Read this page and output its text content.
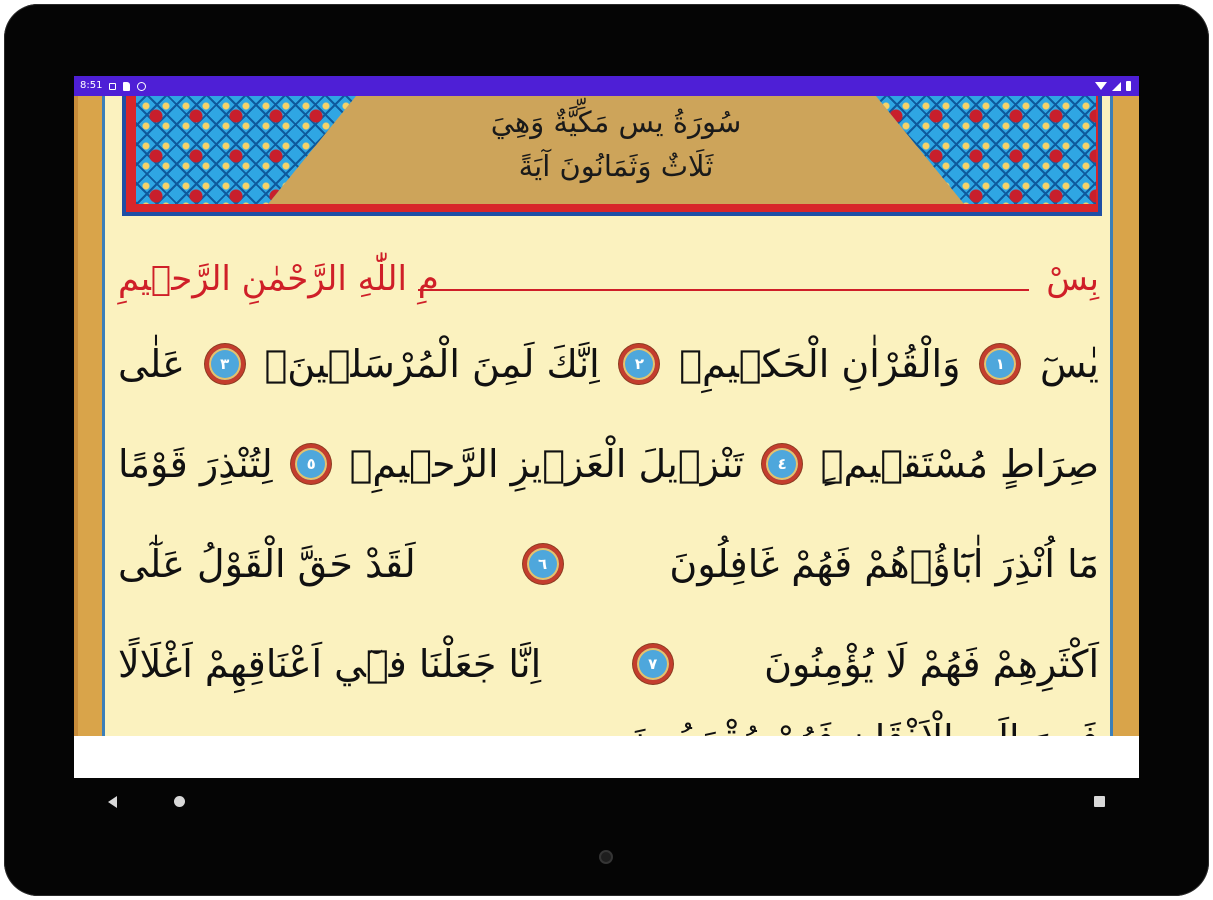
8:51
سُورَةُ يس مَكِّيَّةٌ وَهِيَ
ثَلَاثٌ وَثَمَانُونَ آيَةً
بِسْ
مِ اللّٰهِ الرَّحْمٰنِ الرَّح۪يمِ
يٰسٓ
١
وَالْقُرْاٰنِ الْحَك۪يمِۙ
٢
اِنَّكَ لَمِنَ الْمُرْسَل۪ينَۙ
٣
عَلٰى
صِرَاطٍ مُسْتَق۪يمٍۜ
٤
تَنْز۪يلَ الْعَز۪يزِ الرَّح۪يمِۙ
٥
لِتُنْذِرَ قَوْمًا
مَٓا اُنْذِرَ اٰبَٓاؤُ۬هُمْ فَهُمْ غَافِلُونَ
٦
لَقَدْ حَقَّ الْقَوْلُ عَلٰٓى
اَكْثَرِهِمْ فَهُمْ لَا يُؤْمِنُونَ
٧
اِنَّا جَعَلْنَا ف۪ٓي اَعْنَاقِهِمْ اَغْلَالًا
